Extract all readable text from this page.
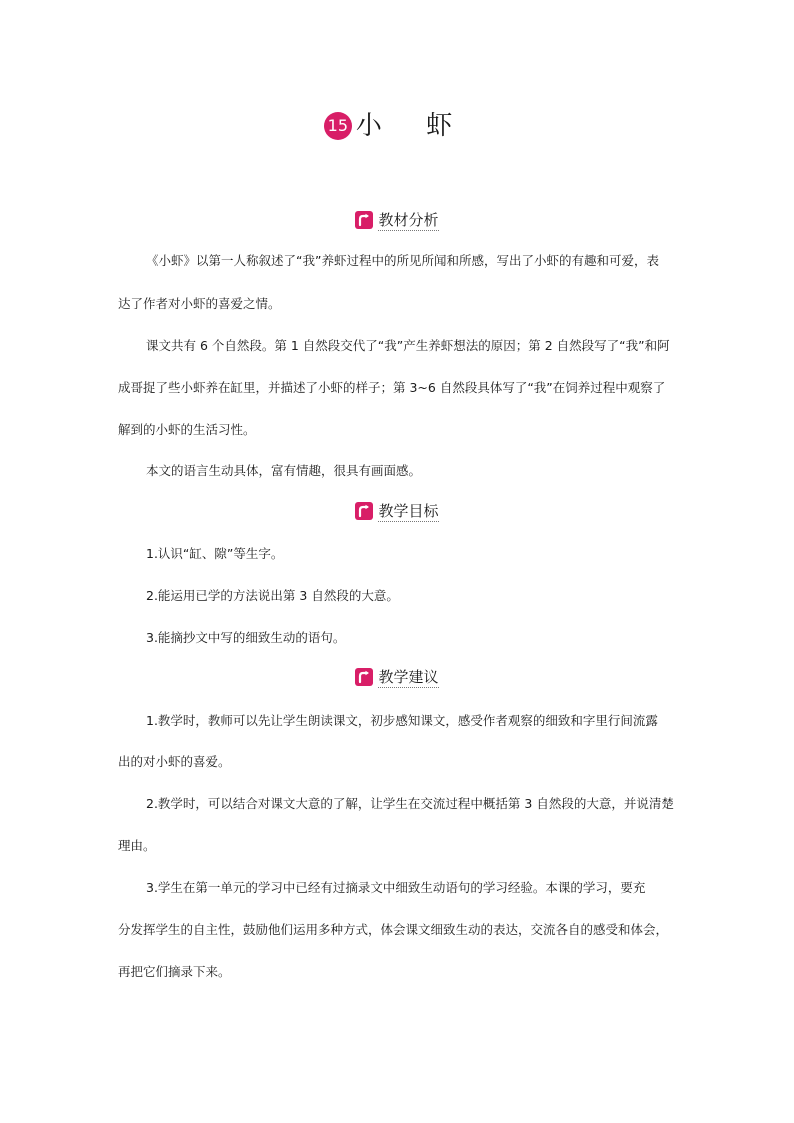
15 小 虾
教材分析

《小虾》以第一人称叙述了“我”养虾过程中的所见所闻和所感，写出了小虾的有趣和可爱，表

达了作者对小虾的喜爱之情。

课文共有 6 个自然段。第 1 自然段交代了“我”产生养虾想法的原因；第 2 自然段写了“我”和阿

成哥捉了些小虾养在缸里，并描述了小虾的样子；第 3~6 自然段具体写了“我”在饲养过程中观察了

解到的小虾的生活习性。

本文的语言生动具体，富有情趣，很具有画面感。

教学目标

1.认识“缸、隙”等生字。

2.能运用已学的方法说出第 3 自然段的大意。

3.能摘抄文中写的细致生动的语句。

教学建议

1.教学时，教师可以先让学生朗读课文，初步感知课文，感受作者观察的细致和字里行间流露

出的对小虾的喜爱。

2.教学时，可以结合对课文大意的了解，让学生在交流过程中概括第 3 自然段的大意，并说清楚

理由。

3.学生在第一单元的学习中已经有过摘录文中细致生动语句的学习经验。本课的学习，要充

分发挥学生的自主性，鼓励他们运用多种方式，体会课文细致生动的表达，交流各自的感受和体会，

再把它们摘录下来。
